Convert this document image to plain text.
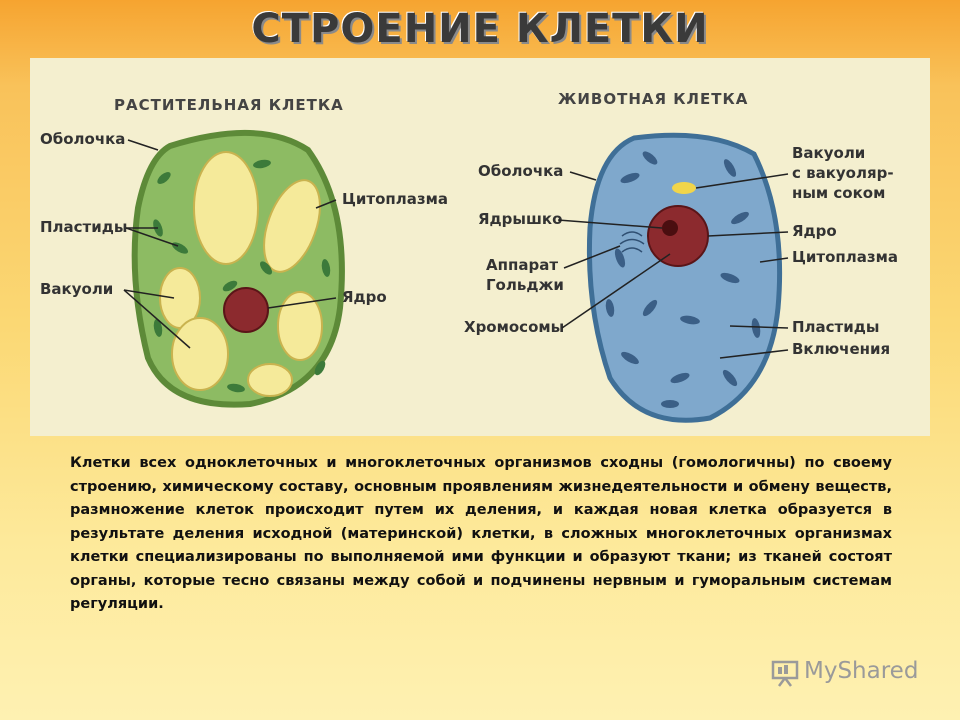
СТРОЕНИЕ КЛЕТКИ
РАСТИТЕЛЬНАЯ КЛЕТКА	ЖИВОТНАЯ КЛЕТКА
Оболочка
Пластиды
Вакуоли
Цитоплазма
Ядро
Оболочка
Ядрышко
Аппарат
Гольджи
Хромосомы
Вакуоли
с вакуоляр-
ным соком
Ядро
Цитоплазма
Пластиды
Включения
Клетки всех одноклеточных и многоклеточных организмов сходны (гомологичны) по своему строению, химическому составу, основным проявлениям жизнедеятельности и обмену веществ, размножение клеток происходит путем их деления, и каждая новая клетка образуется в результате деления исходной (материнской) клетки, в сложных многоклеточных организмах клетки специализированы по выполняемой ими функции и образуют ткани; из тканей состоят органы, которые тесно связаны между собой и подчинены нервным и гуморальным системам регуляции.
MyShared
